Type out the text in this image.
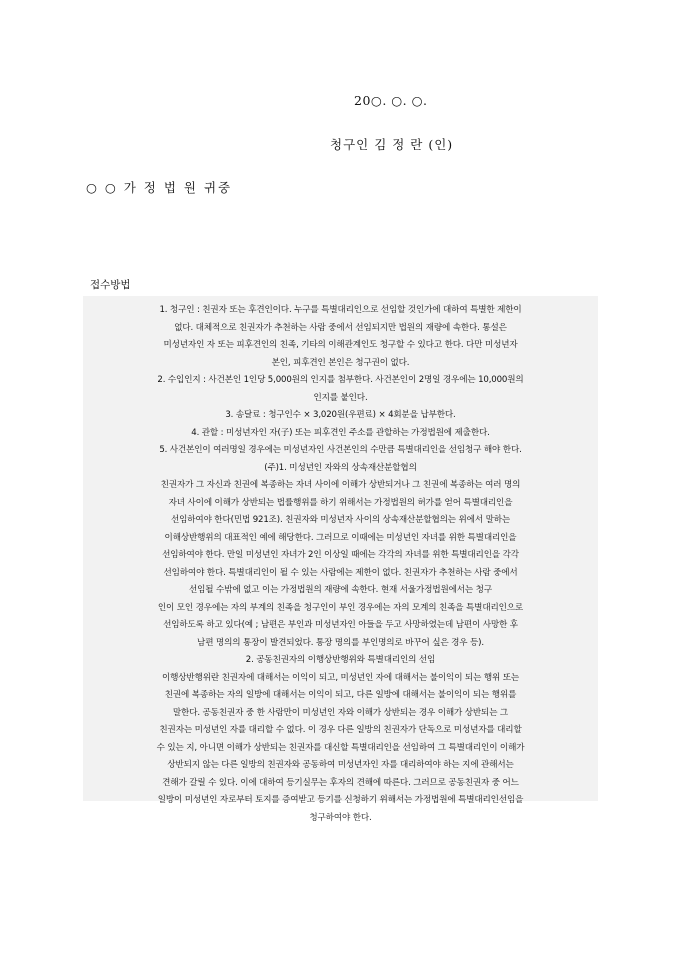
20○. ○. ○.
청구인 김 정 란 (인)
○ ○ 가 정 법 원 귀중
접수방법
1. 청구인 : 친권자 또는 후견인이다. 누구를 특별대리인으로 선임할 것인가에 대하여 특별한 제한이
없다. 대체적으로 친권자가 추천하는 사람 중에서 선임되지만 법원의 재량에 속한다. 통설은
미성년자인 자 또는 피후견인의 친족, 기타의 이해관계인도 청구할 수 있다고 한다. 다만 미성년자
본인, 피후견인 본인은 청구권이 없다.
2. 수입인지 : 사건본인 1인당 5,000원의 인지를 첨부한다. 사건본인이 2명일 경우에는 10,000원의
인지를 붙인다.
3. 송달료 : 청구인수 × 3,020원(우편료) × 4회분을 납부한다.
4. 관할 : 미성년자인 자(子) 또는 피후견인 주소를 관할하는 가정법원에 제출한다.
5. 사건본인이 여러명일 경우에는 미성년자인 사건본인의 수만큼 특별대리인을 선임청구 해야 한다.
(주)1. 미성년인 자와의 상속재산분할협의
친권자가 그 자신과 친권에 복종하는 자녀 사이에 이해가 상반되거나 그 친권에 복종하는 여러 명의
자녀 사이에 이해가 상반되는 법률행위를 하기 위해서는 가정법원의 허가를 얻어 특별대리인을
선임하여야 한다(민법 921조). 친권자와 미성년자 사이의 상속재산분할협의는 위에서 말하는
이해상반행위의 대표적인 예에 해당한다. 그러므로 이때에는 미성년인 자녀를 위한 특별대리인을
선임하여야 한다. 만일 미성년인 자녀가 2인 이상일 때에는 각각의 자녀를 위한 특별대리인을 각각
선임하여야 한다. 특별대리인이 될 수 있는 사람에는 제한이 없다. 친권자가 추천하는 사람 중에서
선임될 수밖에 없고 이는 가정법원의 재량에 속한다. 현재 서울가정법원에서는 청구
인이 모인 경우에는 자의 부계의 친족을 청구인이 부인 경우에는 자의 모계의 친족을 특별대리인으로
선임하도록 하고 있다(예 ; 남편은 부인과 미성년자인 아들을 두고 사망하였는데 남편이 사망한 후
남편 명의의 통장이 발견되었다. 통장 명의를 부인명의로 바꾸어 싶은 경우 등).
2. 공동친권자의 이행상반행위와 특별대리인의 선임
이행상반행위란 친권자에 대해서는 이익이 되고, 미성년인 자에 대해서는 불이익이 되는 행위 또는
친권에 복종하는 자의 일방에 대해서는 이익이 되고, 다른 일방에 대해서는 불이익이 되는 행위를
말한다. 공동친권자 중 한 사람만이 미성년인 자와 이해가 상반되는 경우 이해가 상반되는 그
친권자는 미성년인 자를 대리할 수 없다. 이 경우 다른 일방의 친권자가 단독으로 미성년자를 대리할
수 있는 지, 아니면 이해가 상반되는 친권자를 대신할 특별대리인을 선임하여 그 특별대리인이 이해가
상반되지 않는 다른 일방의 친권자와 공동하여 미성년자인 자를 대리하여야 하는 지에 관해서는
견해가 갈릴 수 있다. 이에 대하여 등기실무는 후자의 견해에 따른다. 그러므로 공동친권자 중 어느
일방이 미성년인 자로부터 토지를 증여받고 등기를 신청하기 위해서는 가정법원에 특별대리인선임을
청구하여야 한다.
